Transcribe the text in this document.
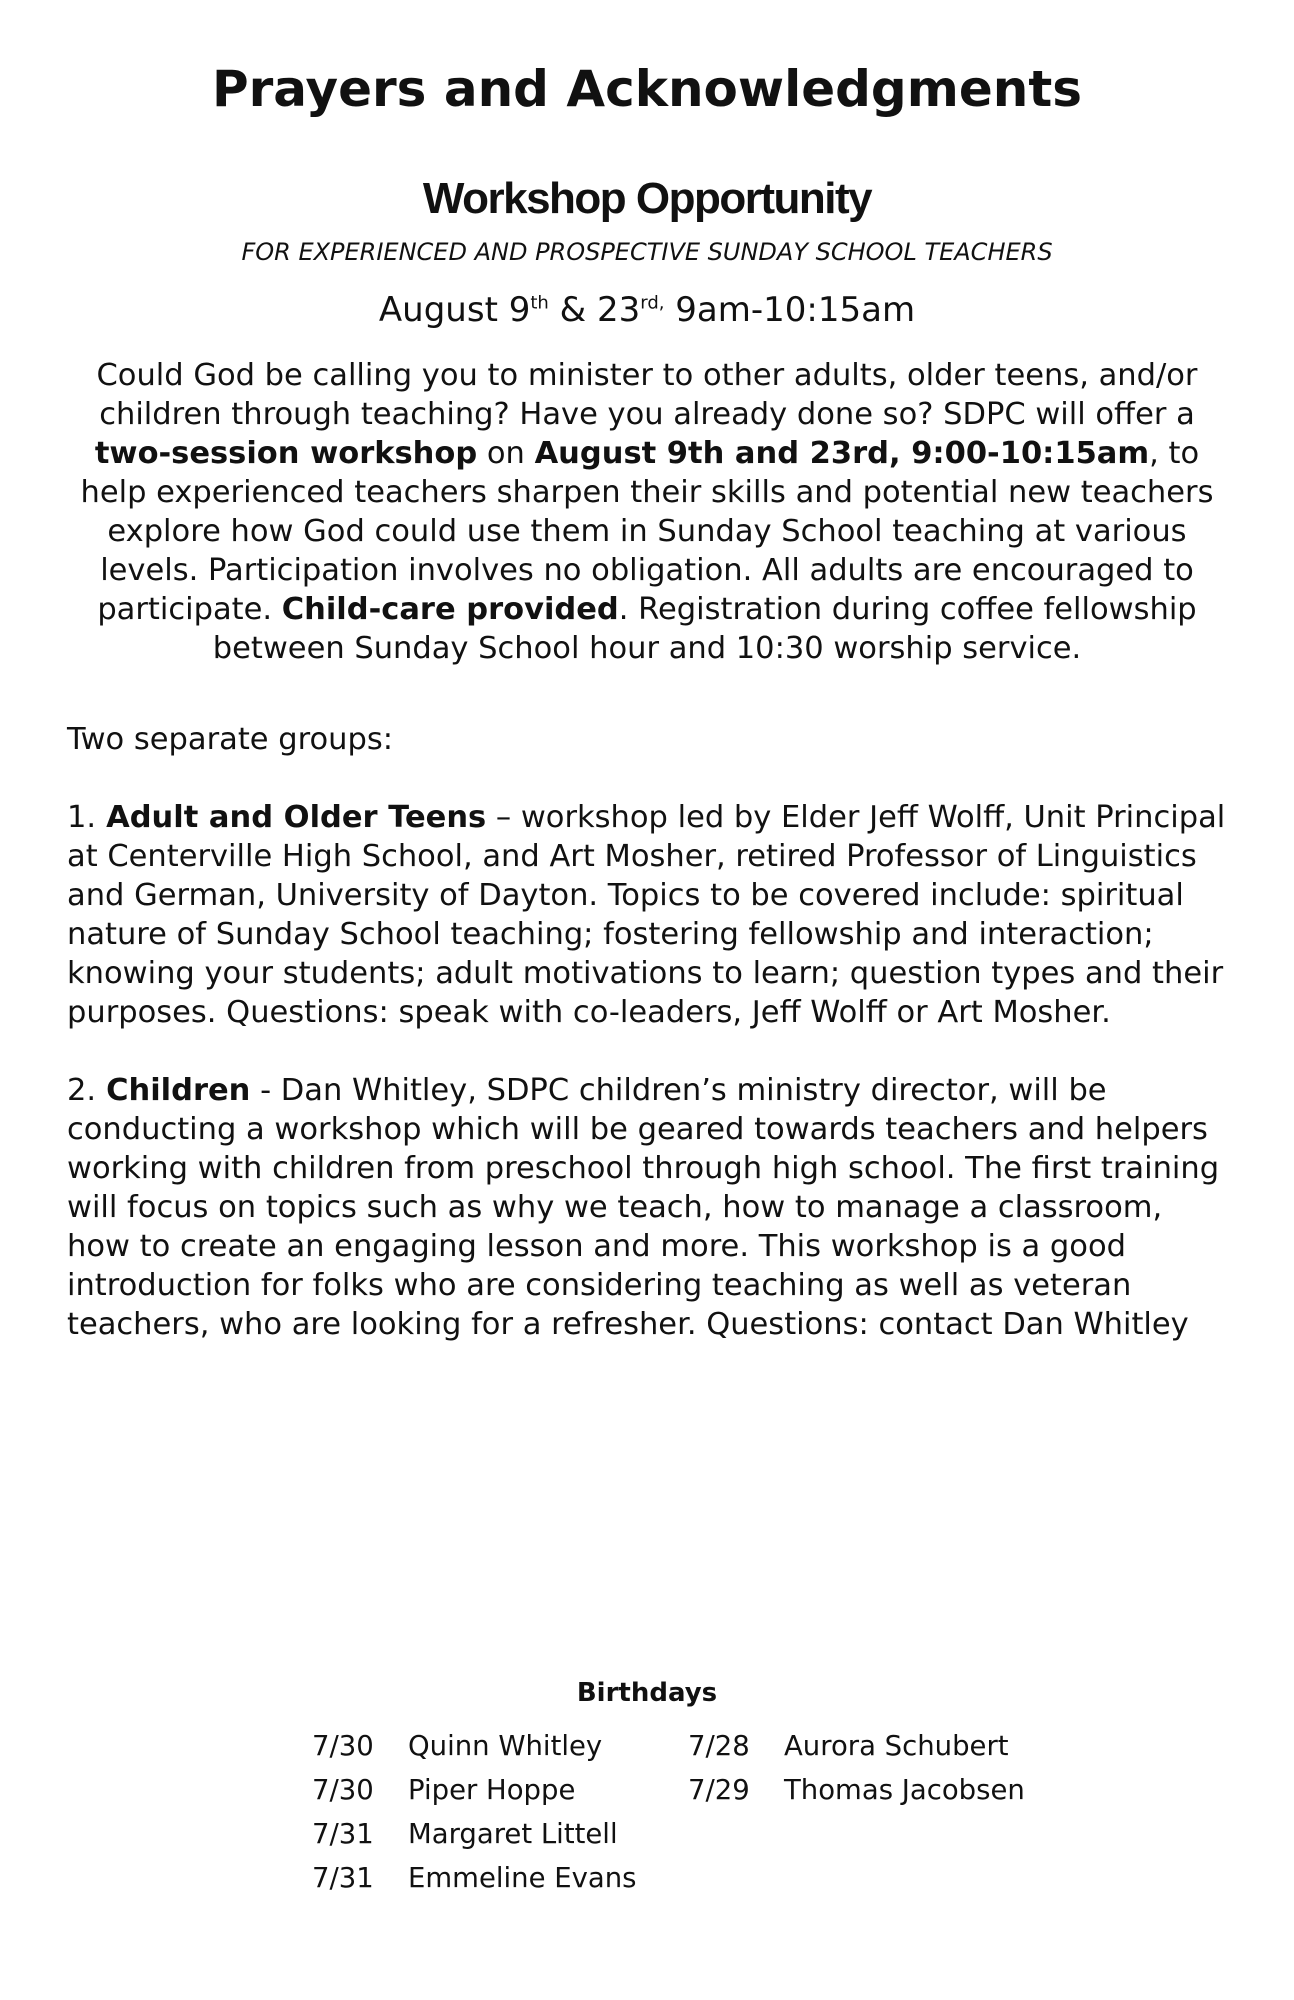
Prayers and Acknowledgments
Workshop Opportunity

FOR EXPERIENCED AND PROSPECTIVE SUNDAY SCHOOL TEACHERS

August 9th & $23^{rd,}$ 9am-10:15am

Could God be calling you to minister to other adults, older teens, and/or children through teaching? Have you already done so? SDPC will offer a two-session workshop on August 9th and 23rd, 9:00-10:15am, to help experienced teachers sharpen their skills and potential new teachers explore how God could use them in Sunday School teaching at various levels. Participation involves no obligation. All adults are encouraged to participate. Child-care provided. Registration during coffee fellowship between Sunday School hour and 10:30 worship service.

Two separate groups:

1. Adult and Older Teens – workshop led by Elder Jeff Wolff, Unit Principal at Centerville High School, and Art Mosher, retired Professor of Linguistics and German, University of Dayton. Topics to be covered include: spiritual nature of Sunday School teaching; fostering fellowship and interaction; knowing your students; adult motivations to learn; question types and their purposes. Questions: speak with co-leaders, Jeff Wolff or Art Mosher.

2. Children - Dan Whitley, SDPC children’s ministry director, will be conducting a workshop which will be geared towards teachers and helpers working with children from preschool through high school. The first training will focus on topics such as why we teach, how to manage a classroom, how to create an engaging lesson and more. This workshop is a good introduction for folks who are considering teaching as well as veteran teachers, who are looking for a refresher. Questions: contact Dan Whitley

Birthdays
7/30	Quinn Whitley
7/30	Piper Hoppe
7/31	Margaret Littell
7/31	Emmeline Evans
7/28	Aurora Schubert
7/29	Thomas Jacobsen
